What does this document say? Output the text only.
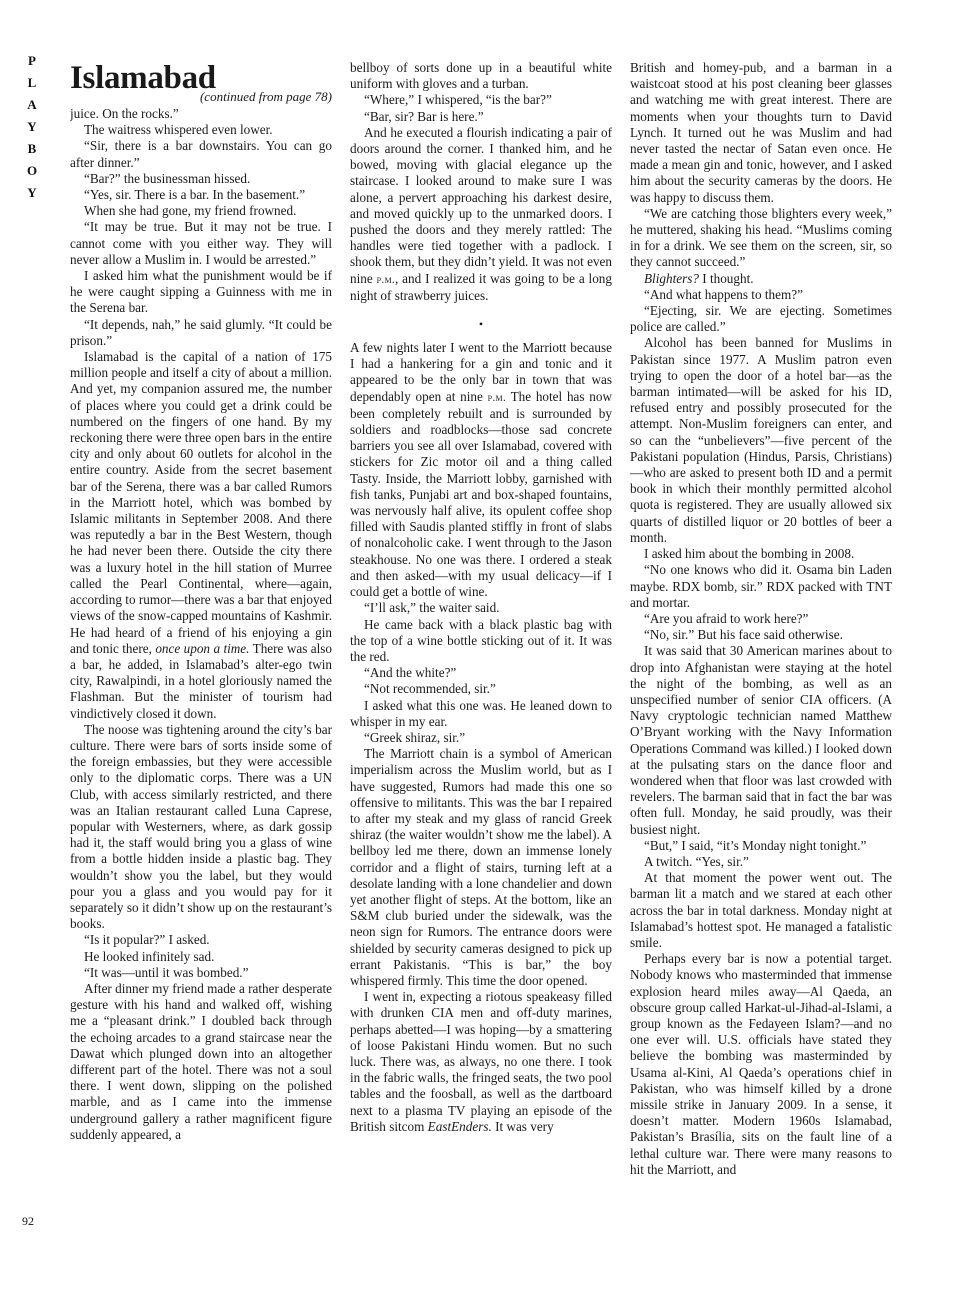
P
L
A
Y
B
O
Y
92
Islamabad
(continued from page 78)

juice. On the rocks.”

The waitress whispered even lower.

“Sir, there is a bar downstairs. You can go after dinner.”

“Bar?” the businessman hissed.

“Yes, sir. There is a bar. In the basement.”

When she had gone, my friend frowned.

“It may be true. But it may not be true. I cannot come with you either way. They will never allow a Muslim in. I would be arrested.”

I asked him what the punishment would be if he were caught sipping a Guinness with me in the Serena bar.

“It depends, nah,” he said glumly. “It could be prison.”

Islamabad is the capital of a nation of 175 million people and itself a city of about a million. And yet, my companion assured me, the number of places where you could get a drink could be numbered on the fingers of one hand. By my reckoning there were three open bars in the entire city and only about 60 outlets for alcohol in the entire country. Aside from the secret basement bar of the Serena, there was a bar called Rumors in the Marriott hotel, which was bombed by Islamic militants in September 2008. And there was reputedly a bar in the Best Western, though he had never been there. Outside the city there was a luxury hotel in the hill station of Murree called the Pearl Continental, where—again, according to rumor—there was a bar that enjoyed views of the snow-capped mountains of Kashmir. He had heard of a friend of his enjoying a gin and tonic there, once upon a time. There was also a bar, he added, in Islamabad’s alter-ego twin city, Rawalpindi, in a hotel gloriously named the Flashman. But the minister of tourism had vindictively closed it down.

The noose was tightening around the city’s bar culture. There were bars of sorts inside some of the foreign embassies, but they were accessible only to the diplomatic corps. There was a UN Club, with access similarly restricted, and there was an Italian restaurant called Luna Caprese, popular with Westerners, where, as dark gossip had it, the staff would bring you a glass of wine from a bottle hidden inside a plastic bag. They wouldn’t show you the label, but they would pour you a glass and you would pay for it separately so it didn’t show up on the restaurant’s books.

“Is it popular?” I asked.

He looked infinitely sad.

“It was—until it was bombed.”

After dinner my friend made a rather desperate gesture with his hand and walked off, wishing me a “pleasant drink.” I doubled back through the echoing arcades to a grand staircase near the Dawat which plunged down into an altogether different part of the hotel. There was not a soul there. I went down, slipping on the polished marble, and as I came into the immense underground gallery a rather magnificent figure suddenly appeared, a

bellboy of sorts done up in a beautiful white uniform with gloves and a turban.

“Where,” I whispered, “is the bar?”

“Bar, sir? Bar is here.”

And he executed a flourish indicating a pair of doors around the corner. I thanked him, and he bowed, moving with glacial elegance up the staircase. I looked around to make sure I was alone, a pervert approaching his darkest desire, and moved quickly up to the unmarked doors. I pushed the doors and they merely rattled: The handles were tied together with a padlock. I shook them, but they didn’t yield. It was not even nine p.m., and I realized it was going to be a long night of strawberry juices.

•

A few nights later I went to the Marriott because I had a hankering for a gin and tonic and it appeared to be the only bar in town that was dependably open at nine p.m. The hotel has now been completely rebuilt and is surrounded by soldiers and roadblocks—those sad concrete barriers you see all over Islamabad, covered with stickers for Zic motor oil and a thing called Tasty. Inside, the Marriott lobby, garnished with fish tanks, Punjabi art and box-shaped fountains, was nervously half alive, its opulent coffee shop filled with Saudis planted stiffly in front of slabs of nonalcoholic cake. I went through to the Jason steakhouse. No one was there. I ordered a steak and then asked—with my usual delicacy—if I could get a bottle of wine.

“I’ll ask,” the waiter said.

He came back with a black plastic bag with the top of a wine bottle sticking out of it. It was the red.

“And the white?”

“Not recommended, sir.”

I asked what this one was. He leaned down to whisper in my ear.

“Greek shiraz, sir.”

The Marriott chain is a symbol of American imperialism across the Muslim world, but as I have suggested, Rumors had made this one so offensive to militants. This was the bar I repaired to after my steak and my glass of rancid Greek shiraz (the waiter wouldn’t show me the label). A bellboy led me there, down an immense lonely corridor and a flight of stairs, turning left at a desolate landing with a lone chandelier and down yet another flight of steps. At the bottom, like an S&M club buried under the sidewalk, was the neon sign for Rumors. The entrance doors were shielded by security cameras designed to pick up errant Pakistanis. “This is bar,” the boy whispered firmly. This time the door opened.

I went in, expecting a riotous speakeasy filled with drunken CIA men and off-duty marines, perhaps abetted—I was hoping—by a smattering of loose Pakistani Hindu women. But no such luck. There was, as always, no one there. I took in the fabric walls, the fringed seats, the two pool tables and the foosball, as well as the dartboard next to a plasma TV playing an episode of the British sitcom EastEnders. It was very

British and homey-pub, and a barman in a waistcoat stood at his post cleaning beer glasses and watching me with great interest. There are moments when your thoughts turn to David Lynch. It turned out he was Muslim and had never tasted the nectar of Satan even once. He made a mean gin and tonic, however, and I asked him about the security cameras by the doors. He was happy to discuss them.

“We are catching those blighters every week,” he muttered, shaking his head. “Muslims coming in for a drink. We see them on the screen, sir, so they cannot succeed.”

Blighters? I thought.

“And what happens to them?”

“Ejecting, sir. We are ejecting. Sometimes police are called.”

Alcohol has been banned for Muslims in Pakistan since 1977. A Muslim patron even trying to open the door of a hotel bar—as the barman intimated—will be asked for his ID, refused entry and possibly prosecuted for the attempt. Non-Muslim foreigners can enter, and so can the “unbelievers”—five percent of the Pakistani population (Hindus, Parsis, Christians)—who are asked to present both ID and a permit book in which their monthly permitted alcohol quota is registered. They are usually allowed six quarts of distilled liquor or 20 bottles of beer a month.

I asked him about the bombing in 2008.

“No one knows who did it. Osama bin Laden maybe. RDX bomb, sir.” RDX packed with TNT and mortar.

“Are you afraid to work here?”

“No, sir.” But his face said otherwise.

It was said that 30 American marines about to drop into Afghanistan were staying at the hotel the night of the bombing, as well as an unspecified number of senior CIA officers. (A Navy cryptologic technician named Matthew O’Bryant working with the Navy Information Operations Command was killed.) I looked down at the pulsating stars on the dance floor and wondered when that floor was last crowded with revelers. The barman said that in fact the bar was often full. Monday, he said proudly, was their busiest night.

“But,” I said, “it’s Monday night tonight.”

A twitch. “Yes, sir.”

At that moment the power went out. The barman lit a match and we stared at each other across the bar in total darkness. Monday night at Islamabad’s hottest spot. He managed a fatalistic smile.

Perhaps every bar is now a potential target. Nobody knows who masterminded that immense explosion heard miles away—Al Qaeda, an obscure group called Harkat-ul-Jihad-al-Islami, a group known as the Fedayeen Islam?—and no one ever will. U.S. officials have stated they believe the bombing was masterminded by Usama al-Kini, Al Qaeda’s operations chief in Pakistan, who was himself killed by a drone missile strike in January 2009. In a sense, it doesn’t matter. Modern 1960s Islamabad, Pakistan’s Brasília, sits on the fault line of a lethal culture war. There were many reasons to hit the Marriott, and
